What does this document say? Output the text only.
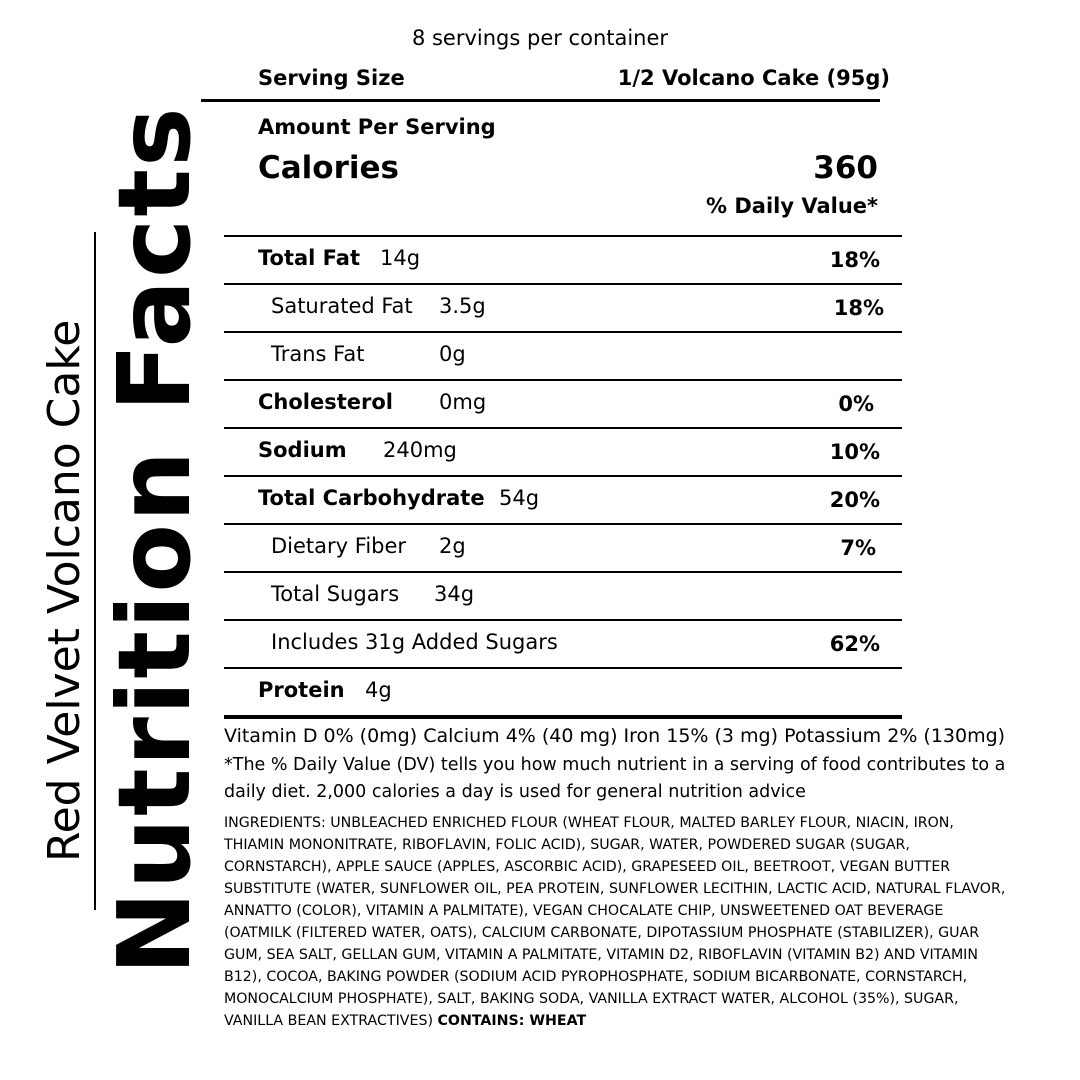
Nutrition Facts
Red Velvet Volcano Cake
8 servings per container
Serving Size	1/2 Volcano Cake (95g)
Amount Per Serving
Calories	360
% Daily Value*
Total Fat 14g	18%
Saturated Fat 3.5g	18%
Trans Fat	0g
Cholesterol 0mg	0%
Sodium 240mg	10%
Total Carbohydrate 54g	20%
Dietary Fiber 2g	7%
Total Sugars 34g
Includes 31g Added Sugars	62%
Protein 4g
Vitamin D 0% (0mg) Calcium 4% (40 mg) Iron 15% (3 mg) Potassium 2% (130mg)
*The % Daily Value (DV) tells you how much nutrient in a serving of food contributes to a daily diet. 2,000 calories a day is used for general nutrition advice
INGREDIENTS: UNBLEACHED ENRICHED FLOUR (WHEAT FLOUR, MALTED BARLEY FLOUR, NIACIN, IRON, THIAMIN MONONITRATE, RIBOFLAVIN, FOLIC ACID), SUGAR, WATER, POWDERED SUGAR (SUGAR, CORNSTARCH), APPLE SAUCE (APPLES, ASCORBIC ACID), GRAPESEED OIL, BEETROOT, VEGAN BUTTER SUBSTITUTE (WATER, SUNFLOWER OIL, PEA PROTEIN, SUNFLOWER LECITHIN, LACTIC ACID, NATURAL FLAVOR, ANNATTO (COLOR), VITAMIN A PALMITATE), VEGAN CHOCALATE CHIP, UNSWEETENED OAT BEVERAGE (OATMILK (FILTERED WATER, OATS), CALCIUM CARBONATE, DIPOTASSIUM PHOSPHATE (STABILIZER), GUAR GUM, SEA SALT, GELLAN GUM, VITAMIN A PALMITATE, VITAMIN D2, RIBOFLAVIN (VITAMIN B2) AND VITAMIN B12), COCOA, BAKING POWDER (SODIUM ACID PYROPHOSPHATE, SODIUM BICARBONATE, CORNSTARCH, MONOCALCIUM PHOSPHATE), SALT, BAKING SODA, VANILLA EXTRACT WATER, ALCOHOL (35%), SUGAR, VANILLA BEAN EXTRACTIVES) CONTAINS: WHEAT
